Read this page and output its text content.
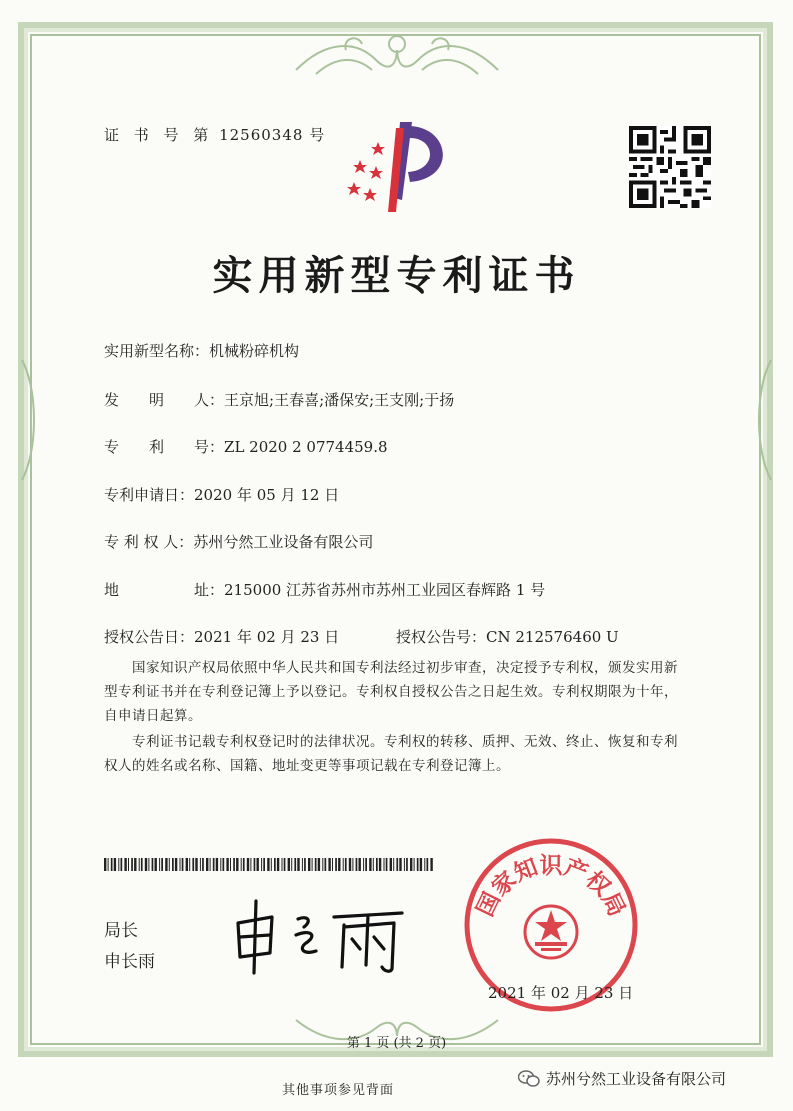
证 书 号 第 12560348 号
实用新型专利证书
实用新型名称：机械粉碎机构
发　　明　　人：王京旭;王春喜;潘保安;王支刚;于扬
专　　利　　号：ZL 2020 2 0774459.8
专利申请日：2020 年 05 月 12 日
专 利 权 人：苏州兮然工业设备有限公司
地　　　　　址：215000 江苏省苏州市苏州工业园区春辉路 1 号
授权公告日：2021 年 02 月 23 日	授权公告号：CN 212576460 U
国家知识产权局依照中华人民共和国专利法经过初步审查，决定授予专利权，颁发实用新型专利证书并在专利登记簿上予以登记。专利权自授权公告之日起生效。专利权期限为十年，自申请日起算。
专利证书记载专利权登记时的法律状况。专利权的转移、质押、无效、终止、恢复和专利权人的姓名或名称、国籍、地址变更等事项记载在专利登记簿上。
局长
申长雨
国家知识产权局
2021 年 02 月 23 日
第 1 页 (共 2 页)
其他事项参见背面
苏州兮然工业设备有限公司
